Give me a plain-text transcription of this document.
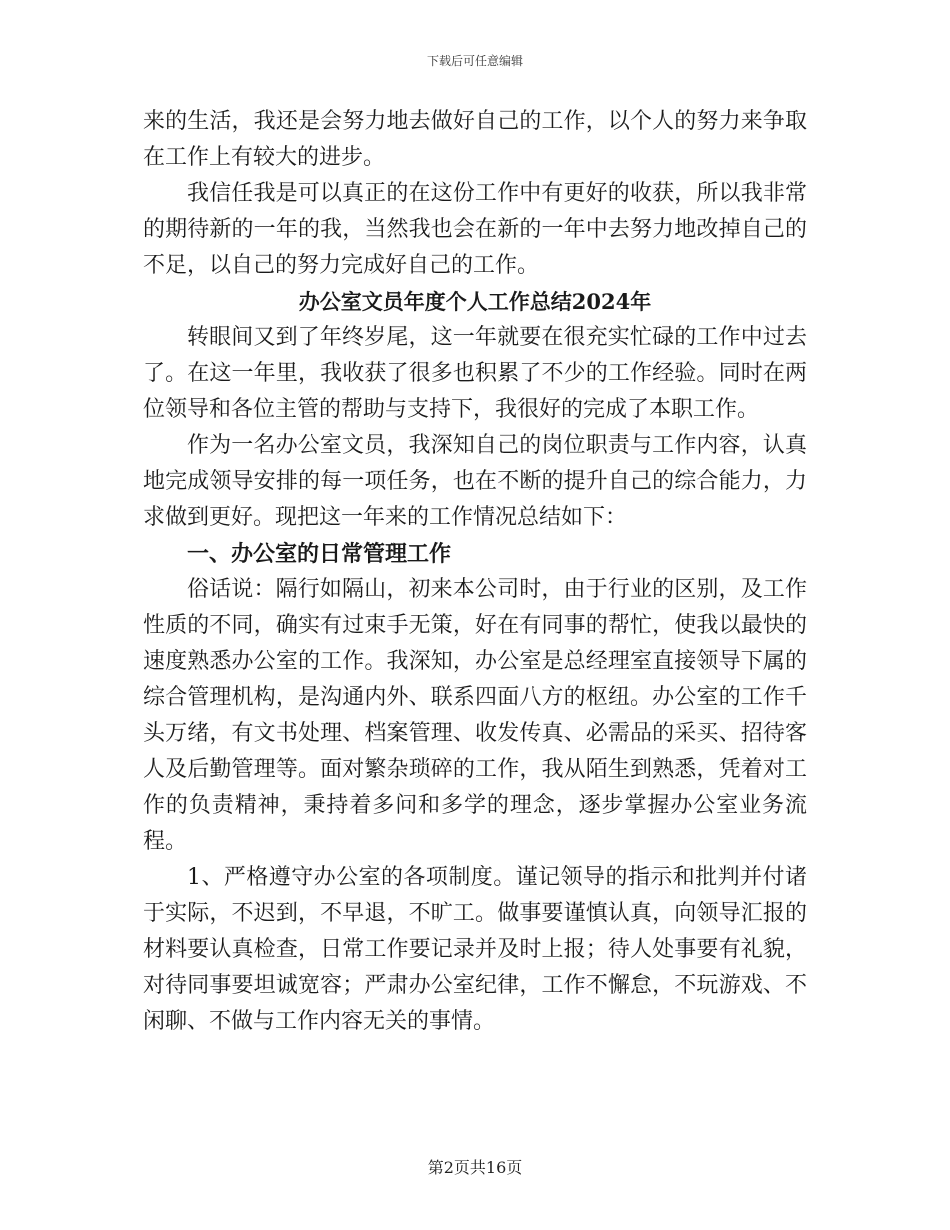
下载后可任意编辑

来的生活，我还是会努力地去做好自己的工作，以个人的努力来争取在工作上有较大的进步。

我信任我是可以真正的在这份工作中有更好的收获，所以我非常的期待新的一年的我，当然我也会在新的一年中去努力地改掉自己的不足，以自己的努力完成好自己的工作。

办公室文员年度个人工作总结2024年

转眼间又到了年终岁尾，这一年就要在很充实忙碌的工作中过去了。在这一年里，我收获了很多也积累了不少的工作经验。同时在两位领导和各位主管的帮助与支持下，我很好的完成了本职工作。

作为一名办公室文员，我深知自己的岗位职责与工作内容，认真地完成领导安排的每一项任务，也在不断的提升自己的综合能力，力求做到更好。现把这一年来的工作情况总结如下：

一、办公室的日常管理工作

俗话说：隔行如隔山，初来本公司时，由于行业的区别，及工作性质的不同，确实有过束手无策，好在有同事的帮忙，使我以最快的速度熟悉办公室的工作。我深知，办公室是总经理室直接领导下属的综合管理机构，是沟通内外、联系四面八方的枢纽。办公室的工作千头万绪，有文书处理、档案管理、收发传真、必需品的采买、招待客人及后勤管理等。面对繁杂琐碎的工作，我从陌生到熟悉，凭着对工作的负责精神，秉持着多问和多学的理念，逐步掌握办公室业务流程。

1、严格遵守办公室的各项制度。谨记领导的指示和批判并付诸于实际，不迟到，不早退，不旷工。做事要谨慎认真，向领导汇报的材料要认真检查，日常工作要记录并及时上报；待人处事要有礼貌，对待同事要坦诚宽容；严肃办公室纪律，工作不懈怠，不玩游戏、不闲聊、不做与工作内容无关的事情。

第2页共16页
